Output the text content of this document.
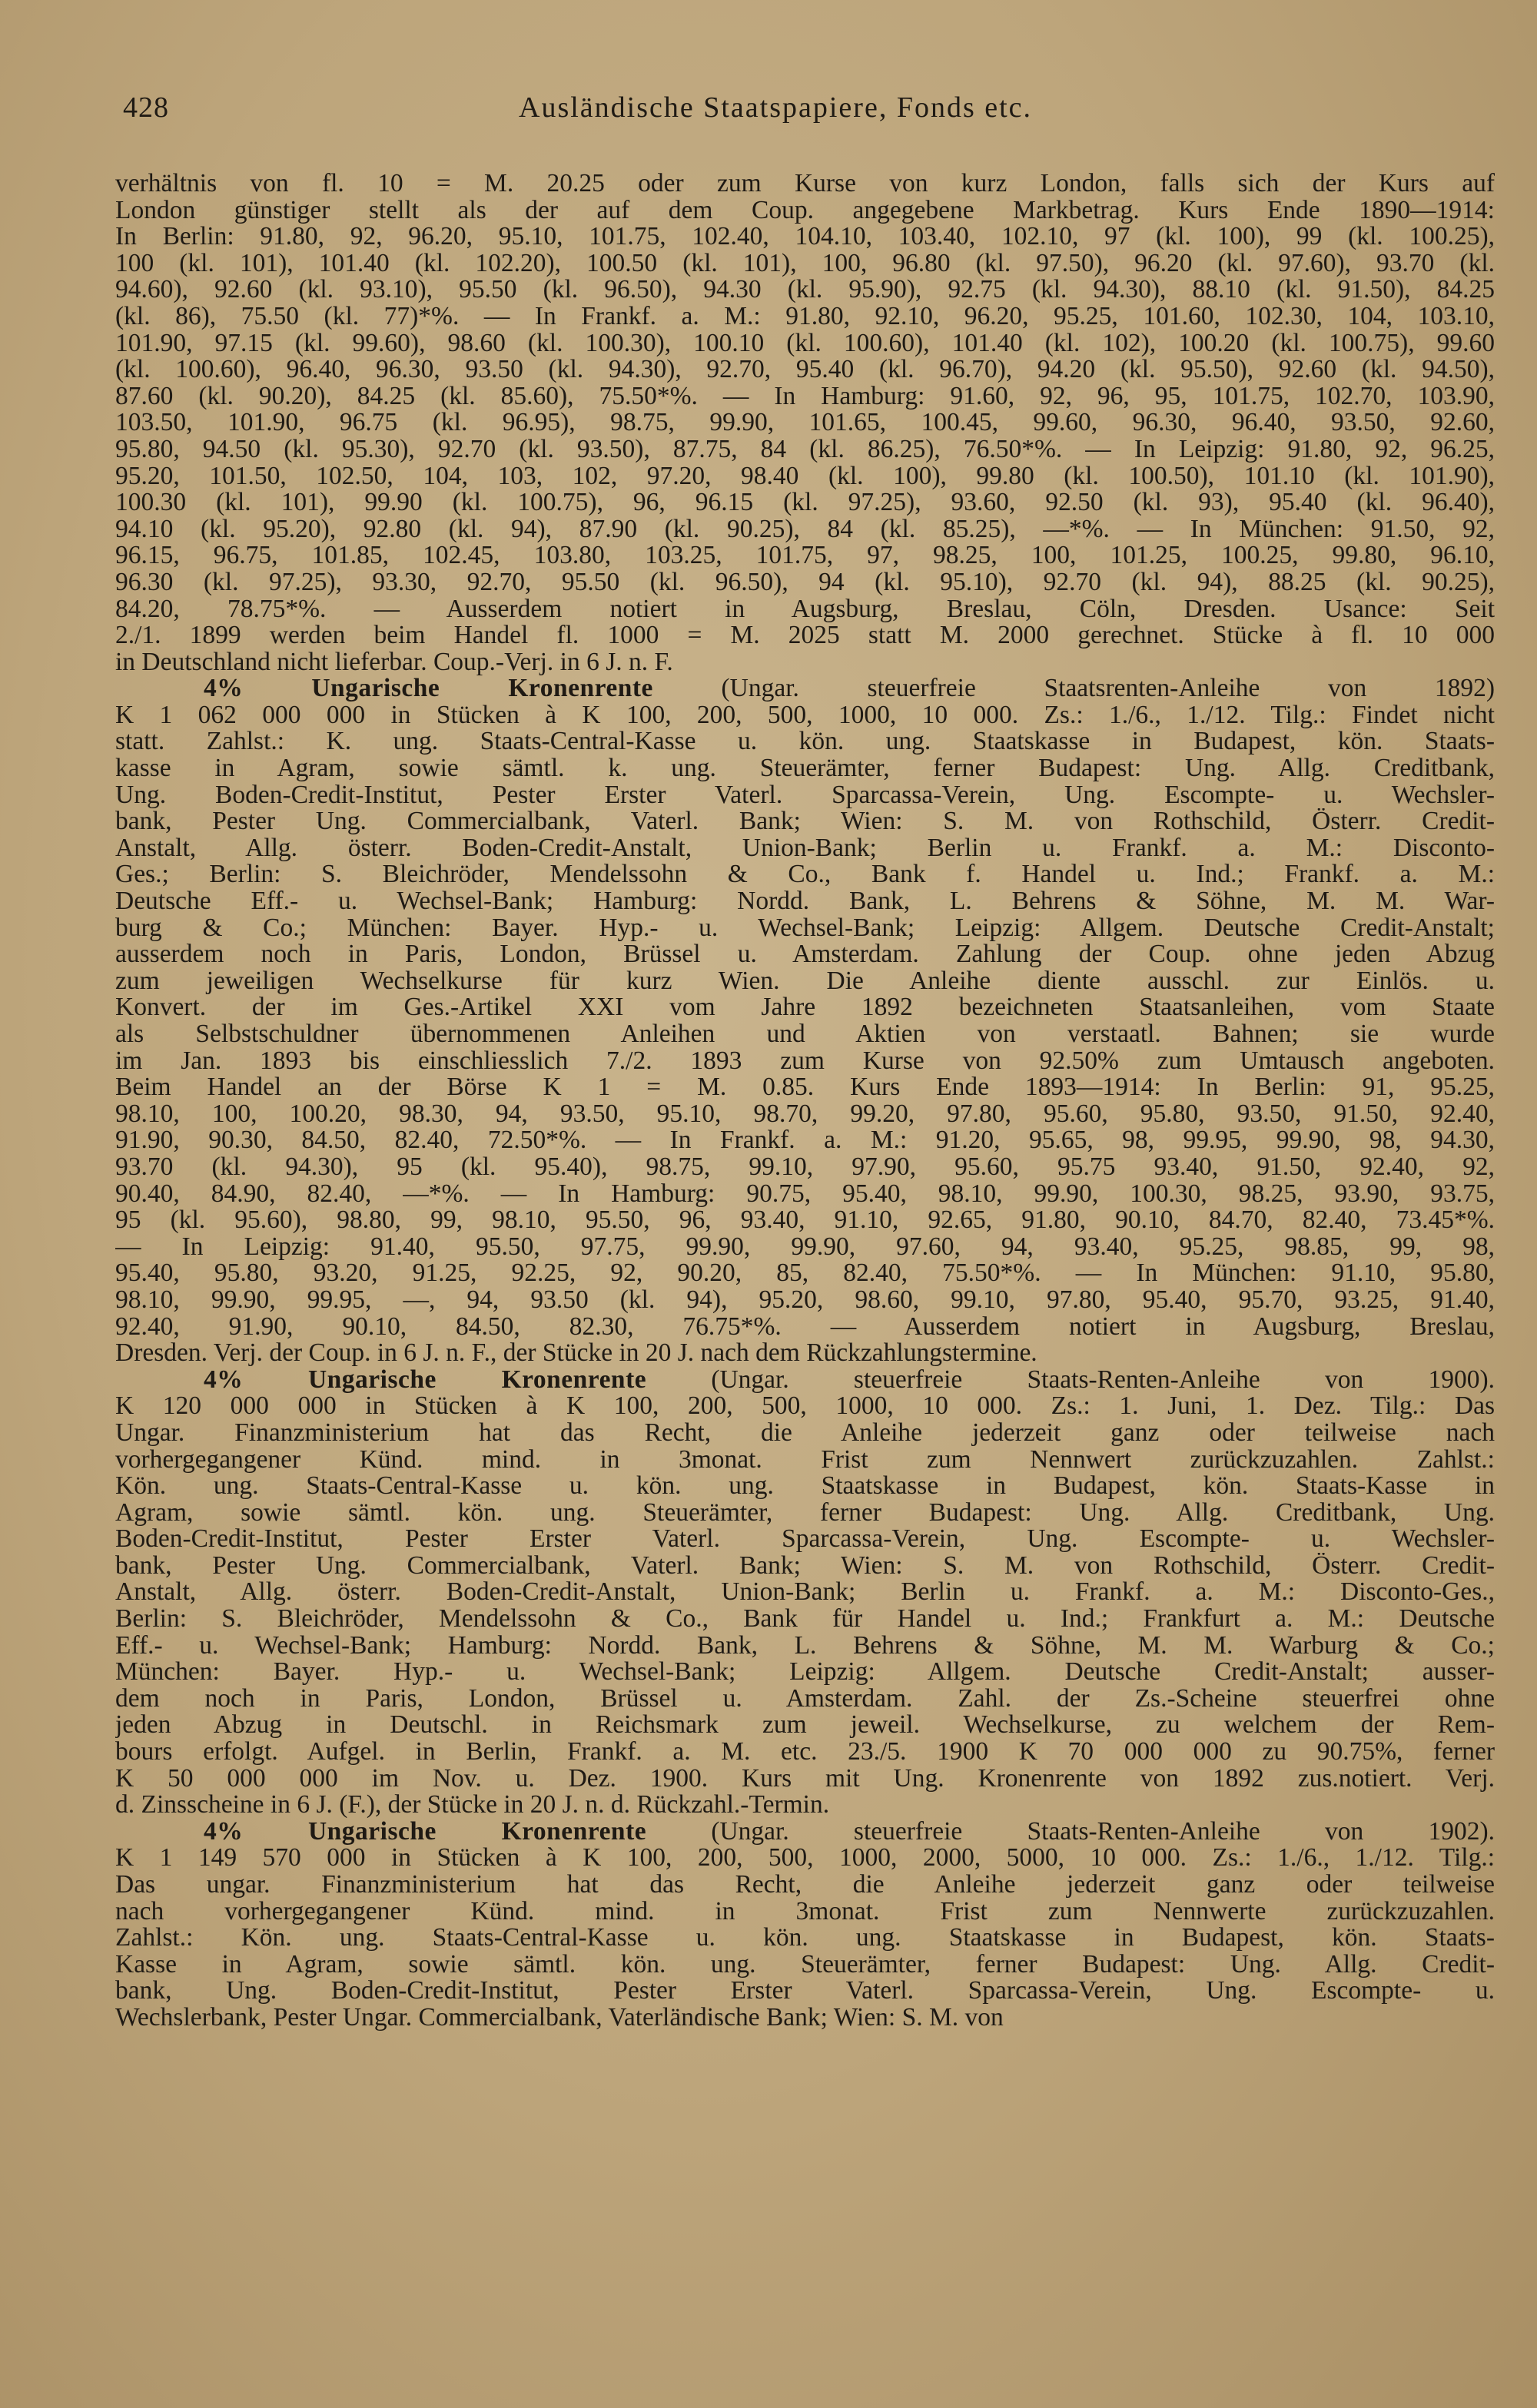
428	Ausländische Staatspapiere, Fonds etc.
verhältnis von fl. 10 = M. 20.25 oder zum Kurse von kurz London, falls sich der Kurs auf
London günstiger stellt als der auf dem Coup. angegebene Markbetrag. Kurs Ende 1890—1914:
In Berlin: 91.80, 92, 96.20, 95.10, 101.75, 102.40, 104.10, 103.40, 102.10, 97 (kl. 100), 99 (kl. 100.25),
100 (kl. 101), 101.40 (kl. 102.20), 100.50 (kl. 101), 100, 96.80 (kl. 97.50), 96.20 (kl. 97.60), 93.70 (kl.
94.60), 92.60 (kl. 93.10), 95.50 (kl. 96.50), 94.30 (kl. 95.90), 92.75 (kl. 94.30), 88.10 (kl. 91.50), 84.25
(kl. 86), 75.50 (kl. 77)*%. — In Frankf. a. M.: 91.80, 92.10, 96.20, 95.25, 101.60, 102.30, 104, 103.10,
101.90, 97.15 (kl. 99.60), 98.60 (kl. 100.30), 100.10 (kl. 100.60), 101.40 (kl. 102), 100.20 (kl. 100.75), 99.60
(kl. 100.60), 96.40, 96.30, 93.50 (kl. 94.30), 92.70, 95.40 (kl. 96.70), 94.20 (kl. 95.50), 92.60 (kl. 94.50),
87.60 (kl. 90.20), 84.25 (kl. 85.60), 75.50*%. — In Hamburg: 91.60, 92, 96, 95, 101.75, 102.70, 103.90,
103.50, 101.90, 96.75 (kl. 96.95), 98.75, 99.90, 101.65, 100.45, 99.60, 96.30, 96.40, 93.50, 92.60,
95.80, 94.50 (kl. 95.30), 92.70 (kl. 93.50), 87.75, 84 (kl. 86.25), 76.50*%. — In Leipzig: 91.80, 92, 96.25,
95.20, 101.50, 102.50, 104, 103, 102, 97.20, 98.40 (kl. 100), 99.80 (kl. 100.50), 101.10 (kl. 101.90),
100.30 (kl. 101), 99.90 (kl. 100.75), 96, 96.15 (kl. 97.25), 93.60, 92.50 (kl. 93), 95.40 (kl. 96.40),
94.10 (kl. 95.20), 92.80 (kl. 94), 87.90 (kl. 90.25), 84 (kl. 85.25), —*%. — In München: 91.50, 92,
96.15, 96.75, 101.85, 102.45, 103.80, 103.25, 101.75, 97, 98.25, 100, 101.25, 100.25, 99.80, 96.10,
96.30 (kl. 97.25), 93.30, 92.70, 95.50 (kl. 96.50), 94 (kl. 95.10), 92.70 (kl. 94), 88.25 (kl. 90.25),
84.20, 78.75*%. — Ausserdem notiert in Augsburg, Breslau, Cöln, Dresden. Usance: Seit
2./1. 1899 werden beim Handel fl. 1000 = M. 2025 statt M. 2000 gerechnet. Stücke à fl. 10 000
in Deutschland nicht lieferbar. Coup.-Verj. in 6 J. n. F.
4% Ungarische Kronenrente (Ungar. steuerfreie Staatsrenten-Anleihe von 1892)
K 1 062 000 000 in Stücken à K 100, 200, 500, 1000, 10 000. Zs.: 1./6., 1./12. Tilg.: Findet nicht
statt. Zahlst.: K. ung. Staats-Central-Kasse u. kön. ung. Staatskasse in Budapest, kön. Staats-
kasse in Agram, sowie sämtl. k. ung. Steuerämter, ferner Budapest: Ung. Allg. Creditbank,
Ung. Boden-Credit-Institut, Pester Erster Vaterl. Sparcassa-Verein, Ung. Escompte- u. Wechsler-
bank, Pester Ung. Commercialbank, Vaterl. Bank; Wien: S. M. von Rothschild, Österr. Credit-
Anstalt, Allg. österr. Boden-Credit-Anstalt, Union-Bank; Berlin u. Frankf. a. M.: Disconto-
Ges.; Berlin: S. Bleichröder, Mendelssohn & Co., Bank f. Handel u. Ind.; Frankf. a. M.:
Deutsche Eff.- u. Wechsel-Bank; Hamburg: Nordd. Bank, L. Behrens & Söhne, M. M. War-
burg & Co.; München: Bayer. Hyp.- u. Wechsel-Bank; Leipzig: Allgem. Deutsche Credit-Anstalt;
ausserdem noch in Paris, London, Brüssel u. Amsterdam. Zahlung der Coup. ohne jeden Abzug
zum jeweiligen Wechselkurse für kurz Wien. Die Anleihe diente ausschl. zur Einlös. u.
Konvert. der im Ges.-Artikel XXI vom Jahre 1892 bezeichneten Staatsanleihen, vom Staate
als Selbstschuldner übernommenen Anleihen und Aktien von verstaatl. Bahnen; sie wurde
im Jan. 1893 bis einschliesslich 7./2. 1893 zum Kurse von 92.50% zum Umtausch angeboten.
Beim Handel an der Börse K 1 = M. 0.85. Kurs Ende 1893—1914: In Berlin: 91, 95.25,
98.10, 100, 100.20, 98.30, 94, 93.50, 95.10, 98.70, 99.20, 97.80, 95.60, 95.80, 93.50, 91.50, 92.40,
91.90, 90.30, 84.50, 82.40, 72.50*%. — In Frankf. a. M.: 91.20, 95.65, 98, 99.95, 99.90, 98, 94.30,
93.70 (kl. 94.30), 95 (kl. 95.40), 98.75, 99.10, 97.90, 95.60, 95.75 93.40, 91.50, 92.40, 92,
90.40, 84.90, 82.40, —*%. — In Hamburg: 90.75, 95.40, 98.10, 99.90, 100.30, 98.25, 93.90, 93.75,
95 (kl. 95.60), 98.80, 99, 98.10, 95.50, 96, 93.40, 91.10, 92.65, 91.80, 90.10, 84.70, 82.40, 73.45*%.
— In Leipzig: 91.40, 95.50, 97.75, 99.90, 99.90, 97.60, 94, 93.40, 95.25, 98.85, 99, 98,
95.40, 95.80, 93.20, 91.25, 92.25, 92, 90.20, 85, 82.40, 75.50*%. — In München: 91.10, 95.80,
98.10, 99.90, 99.95, —, 94, 93.50 (kl. 94), 95.20, 98.60, 99.10, 97.80, 95.40, 95.70, 93.25, 91.40,
92.40, 91.90, 90.10, 84.50, 82.30, 76.75*%. — Ausserdem notiert in Augsburg, Breslau,
Dresden. Verj. der Coup. in 6 J. n. F., der Stücke in 20 J. nach dem Rückzahlungstermine.
4% Ungarische Kronenrente (Ungar. steuerfreie Staats-Renten-Anleihe von 1900).
K 120 000 000 in Stücken à K 100, 200, 500, 1000, 10 000. Zs.: 1. Juni, 1. Dez. Tilg.: Das
Ungar. Finanzministerium hat das Recht, die Anleihe jederzeit ganz oder teilweise nach
vorhergegangener Künd. mind. in 3monat. Frist zum Nennwert zurückzuzahlen. Zahlst.:
Kön. ung. Staats-Central-Kasse u. kön. ung. Staatskasse in Budapest, kön. Staats-Kasse in
Agram, sowie sämtl. kön. ung. Steuerämter, ferner Budapest: Ung. Allg. Creditbank, Ung.
Boden-Credit-Institut, Pester Erster Vaterl. Sparcassa-Verein, Ung. Escompte- u. Wechsler-
bank, Pester Ung. Commercialbank, Vaterl. Bank; Wien: S. M. von Rothschild, Österr. Credit-
Anstalt, Allg. österr. Boden-Credit-Anstalt, Union-Bank; Berlin u. Frankf. a. M.: Disconto-Ges.,
Berlin: S. Bleichröder, Mendelssohn & Co., Bank für Handel u. Ind.; Frankfurt a. M.: Deutsche
Eff.- u. Wechsel-Bank; Hamburg: Nordd. Bank, L. Behrens & Söhne, M. M. Warburg & Co.;
München: Bayer. Hyp.- u. Wechsel-Bank; Leipzig: Allgem. Deutsche Credit-Anstalt; ausser-
dem noch in Paris, London, Brüssel u. Amsterdam. Zahl. der Zs.-Scheine steuerfrei ohne
jeden Abzug in Deutschl. in Reichsmark zum jeweil. Wechselkurse, zu welchem der Rem-
bours erfolgt. Aufgel. in Berlin, Frankf. a. M. etc. 23./5. 1900 K 70 000 000 zu 90.75%, ferner
K 50 000 000 im Nov. u. Dez. 1900. Kurs mit Ung. Kronenrente von 1892 zus.notiert. Verj.
d. Zinsscheine in 6 J. (F.), der Stücke in 20 J. n. d. Rückzahl.-Termin.
4% Ungarische Kronenrente (Ungar. steuerfreie Staats-Renten-Anleihe von 1902).
K 1 149 570 000 in Stücken à K 100, 200, 500, 1000, 2000, 5000, 10 000. Zs.: 1./6., 1./12. Tilg.:
Das ungar. Finanzministerium hat das Recht, die Anleihe jederzeit ganz oder teilweise
nach vorhergegangener Künd. mind. in 3monat. Frist zum Nennwerte zurückzuzahlen.
Zahlst.: Kön. ung. Staats-Central-Kasse u. kön. ung. Staatskasse in Budapest, kön. Staats-
Kasse in Agram, sowie sämtl. kön. ung. Steuerämter, ferner Budapest: Ung. Allg. Credit-
bank, Ung. Boden-Credit-Institut, Pester Erster Vaterl. Sparcassa-Verein, Ung. Escompte- u.
Wechslerbank, Pester Ungar. Commercialbank, Vaterländische Bank; Wien: S. M. von
